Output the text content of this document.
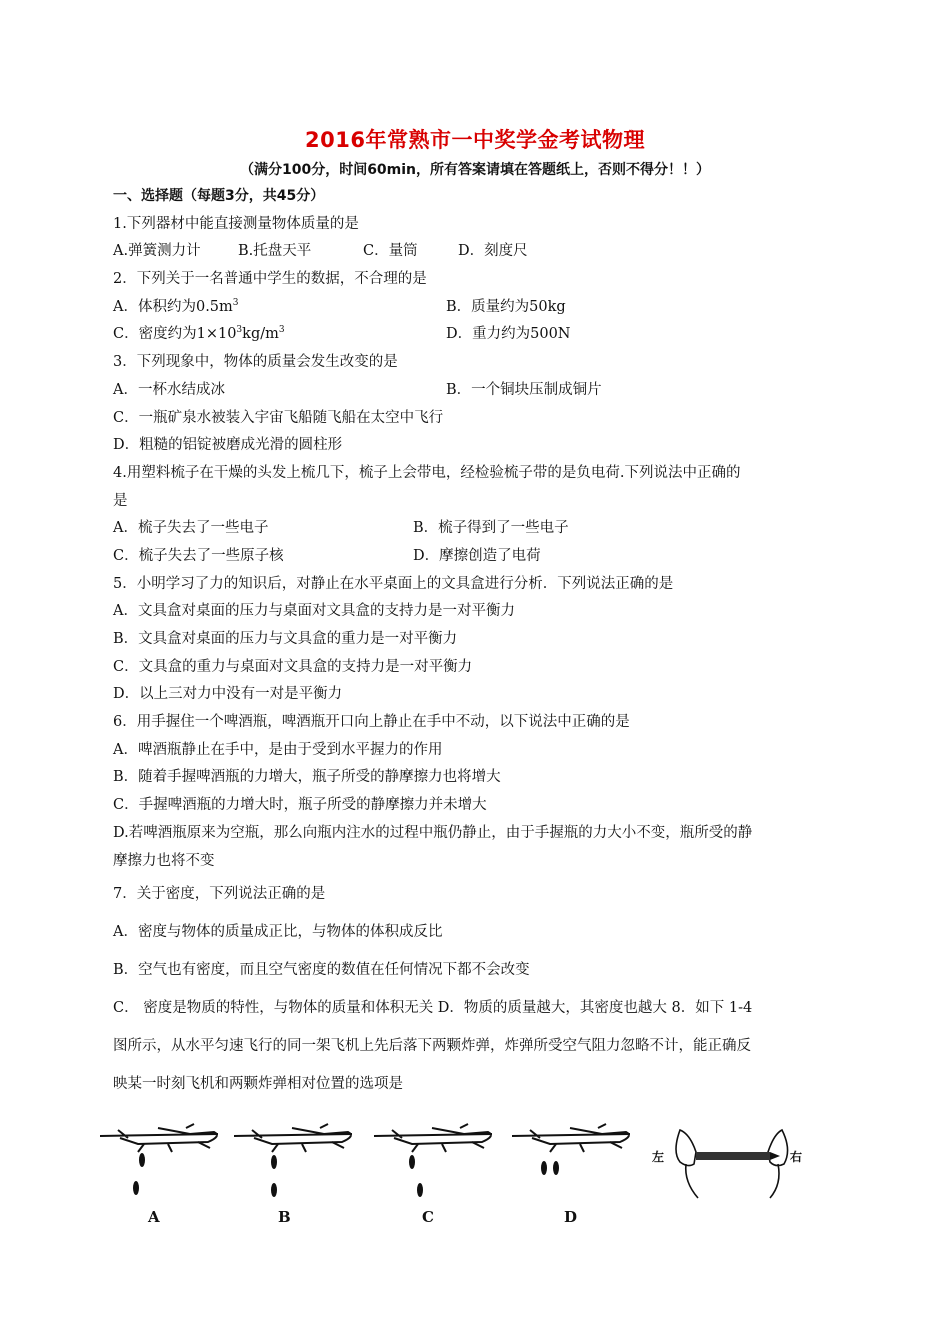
2016年常熟市一中奖学金考试物理
（满分100分，时间60min，所有答案请填在答题纸上，否则不得分！！）
一、选择题（每题3分，共45分）
1.下列器材中能直接测量物体质量的是
A.弹簧测力计	B.托盘天平	C．量筒	D．刻度尺
2．下列关于一名普通中学生的数据，不合理的是
A．体积约为$0.5m^3$	B．质量约为50kg
C．密度约为$1\times 10^3kg/m^3$	D．重力约为500N
3．下列现象中，物体的质量会发生改变的是
A．一杯水结成冰	B．一个铜块压制成铜片
C．一瓶矿泉水被装入宇宙飞船随飞船在太空中飞行
D．粗糙的铝锭被磨成光滑的圆柱形
4.用塑料梳子在干燥的头发上梳几下，梳子上会带电，经检验梳子带的是负电荷.下列说法中正确的
是
A．梳子失去了一些电子	B．梳子得到了一些电子
C．梳子失去了一些原子核	D．摩擦创造了电荷
5．小明学习了力的知识后，对静止在水平桌面上的文具盒进行分析．下列说法正确的是
A．文具盒对桌面的压力与桌面对文具盒的支持力是一对平衡力
B．文具盒对桌面的压力与文具盒的重力是一对平衡力
C．文具盒的重力与桌面对文具盒的支持力是一对平衡力
D．以上三对力中没有一对是平衡力
6．用手握住一个啤酒瓶，啤酒瓶开口向上静止在手中不动，以下说法中正确的是
A．啤酒瓶静止在手中，是由于受到水平握力的作用
B．随着手握啤酒瓶的力增大，瓶子所受的静摩擦力也将增大
C．手握啤酒瓶的力增大时，瓶子所受的静摩擦力并未增大
D.若啤酒瓶原来为空瓶，那么向瓶内注水的过程中瓶仍静止，由于手握瓶的力大小不变，瓶所受的静
摩擦力也将不变
7．关于密度，下列说法正确的是
A．密度与物体的质量成正比，与物体的体积成反比
B．空气也有密度，而且空气密度的数值在任何情况下都不会改变
C． 密度是物质的特性，与物体的质量和体积无关 D．物质的质量越大，其密度也越大 8．如下 1-4
图所示，从水平匀速飞行的同一架飞机上先后落下两颗炸弹，炸弹所受空气阻力忽略不计，能正确反
映某一时刻飞机和两颗炸弹相对位置的选项是
A	B	C	D
左	右
